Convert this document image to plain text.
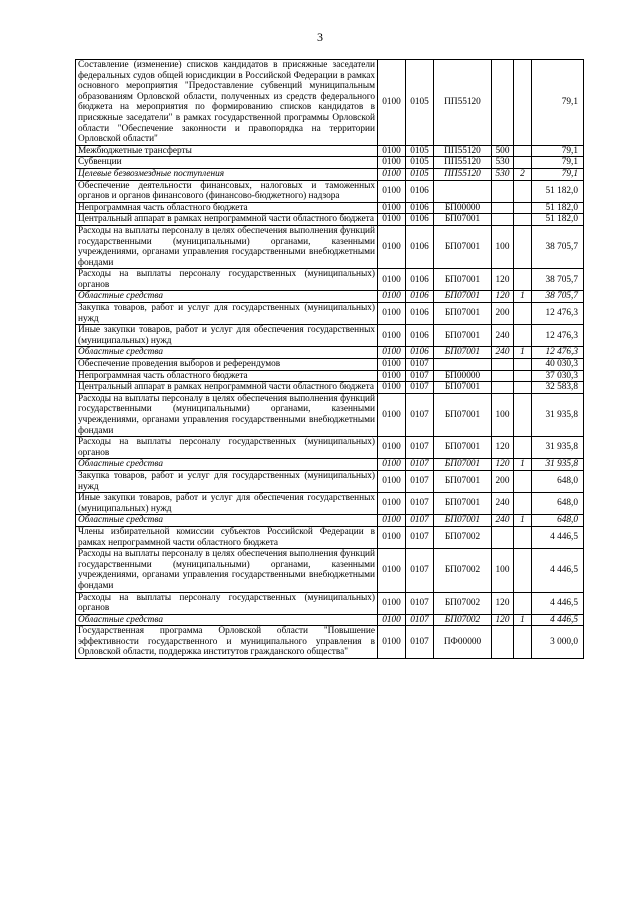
3
Составление (изменение) списков кандидатов в присяжные заседатели федеральных судов общей юрисдикции в Российской Федерации в рамках основного мероприятия "Предоставление субвенций муниципальным образованиям Орловской области, полученных из средств федерального бюджета на мероприятия по формированию списков кандидатов в присяжные заседатели" в рамках государственной программы Орловской области "Обеспечение законности и правопорядка на территории Орловской области"	0100	0105	ПП55120			79,1
Межбюджетные трансферты	0100	0105	ПП55120	500		79,1
Субвенции	0100	0105	ПП55120	530		79,1
Целевые безвозмездные поступления	0100	0105	ПП55120	530	2	79,1
Обеспечение деятельности финансовых, налоговых и таможенных органов и органов финансового (финансово-бюджетного) надзора	0100	0106				51 182,0
Непрограммная часть областного бюджета	0100	0106	БП00000			51 182,0
Центральный аппарат в рамках непрограммной части областного бюджета	0100	0106	БП07001			51 182,0
Расходы на выплаты персоналу в целях обеспечения выполнения функций государственными (муниципальными) органами, казенными учреждениями, органами управления государственными внебюджетными фондами	0100	0106	БП07001	100		38 705,7
Расходы на выплаты персоналу государственных (муниципальных) органов	0100	0106	БП07001	120		38 705,7
Областные средства	0100	0106	БП07001	120	1	38 705,7
Закупка товаров, работ и услуг для государственных (муниципальных) нужд	0100	0106	БП07001	200		12 476,3
Иные закупки товаров, работ и услуг для обеспечения государственных (муниципальных) нужд	0100	0106	БП07001	240		12 476,3
Областные средства	0100	0106	БП07001	240	1	12 476,3
Обеспечение проведения выборов и референдумов	0100	0107				40 030,3
Непрограммная часть областного бюджета	0100	0107	БП00000			37 030,3
Центральный аппарат в рамках непрограммной части областного бюджета	0100	0107	БП07001			32 583,8
Расходы на выплаты персоналу в целях обеспечения выполнения функций государственными (муниципальными) органами, казенными учреждениями, органами управления государственными внебюджетными фондами	0100	0107	БП07001	100		31 935,8
Расходы на выплаты персоналу государственных (муниципальных) органов	0100	0107	БП07001	120		31 935,8
Областные средства	0100	0107	БП07001	120	1	31 935,8
Закупка товаров, работ и услуг для государственных (муниципальных) нужд	0100	0107	БП07001	200		648,0
Иные закупки товаров, работ и услуг для обеспечения государственных (муниципальных) нужд	0100	0107	БП07001	240		648,0
Областные средства	0100	0107	БП07001	240	1	648,0
Члены избирательной комиссии субъектов Российской Федерации в рамках непрограммной части областного бюджета	0100	0107	БП07002			4 446,5
Расходы на выплаты персоналу в целях обеспечения выполнения функций государственными (муниципальными) органами, казенными учреждениями, органами управления государственными внебюджетными фондами	0100	0107	БП07002	100		4 446,5
Расходы на выплаты персоналу государственных (муниципальных) органов	0100	0107	БП07002	120		4 446,5
Областные средства	0100	0107	БП07002	120	1	4 446,5
Государственная программа Орловской области "Повышение эффективности государственного и муниципального управления в Орловской области, поддержка институтов гражданского общества"	0100	0107	ПФ00000			3 000,0
